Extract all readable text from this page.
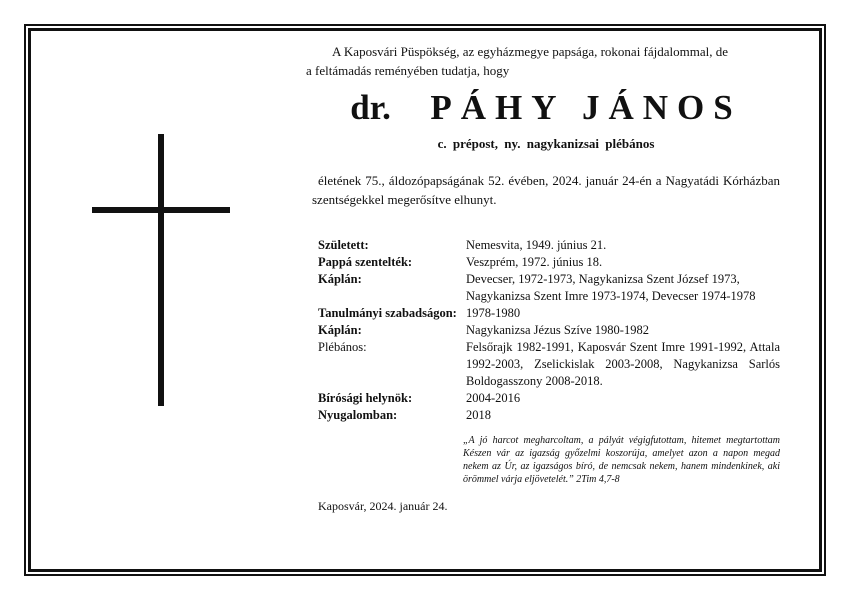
A Kaposvári Püspökség, az egyházmegye papsága, rokonai fájdalommal, de

a feltámadás reményében tudatja, hogy

dr. PÁHY JÁNOS
c. prépost, ny. nagykanizsai plébános
életének 75., áldozópapságának 52. évében, 2024. január 24-én a Nagyatádi Kórházban szentségekkel megerősítve elhunyt.
Született:	Nemesvita, 1949. június 21.
Pappá szentelték:	Veszprém, 1972. június 18.
Káplán:	Devecser, 1972-1973, Nagykanizsa Szent József 1973, Nagykanizsa Szent Imre 1973-1974, Devecser 1974-1978
Tanulmányi szabadságon: 1978-1980
Káplán:	Nagykanizsa Jézus Szíve 1980-1982
Plébános:	Felsőrajk 1982-1991, Kaposvár Szent Imre 1991-1992, Attala 1992-2003, Zselickislak 2003-2008, Nagykanizsa Sarlós Boldogasszony 2008-2018.
Bírósági helynök:	2004-2016
Nyugalomban:	2018
„A jó harcot megharcoltam, a pályát végigfutottam, hitemet megtartottam Készen vár az igazság győzelmi koszorúja, amelyet azon a napon megad nekem az Úr, az igazságos bíró, de nemcsak nekem, hanem mindenkinek, aki örömmel várja eljövetelét.” 2Tim 4,7-8
Kaposvár, 2024. január 24.
